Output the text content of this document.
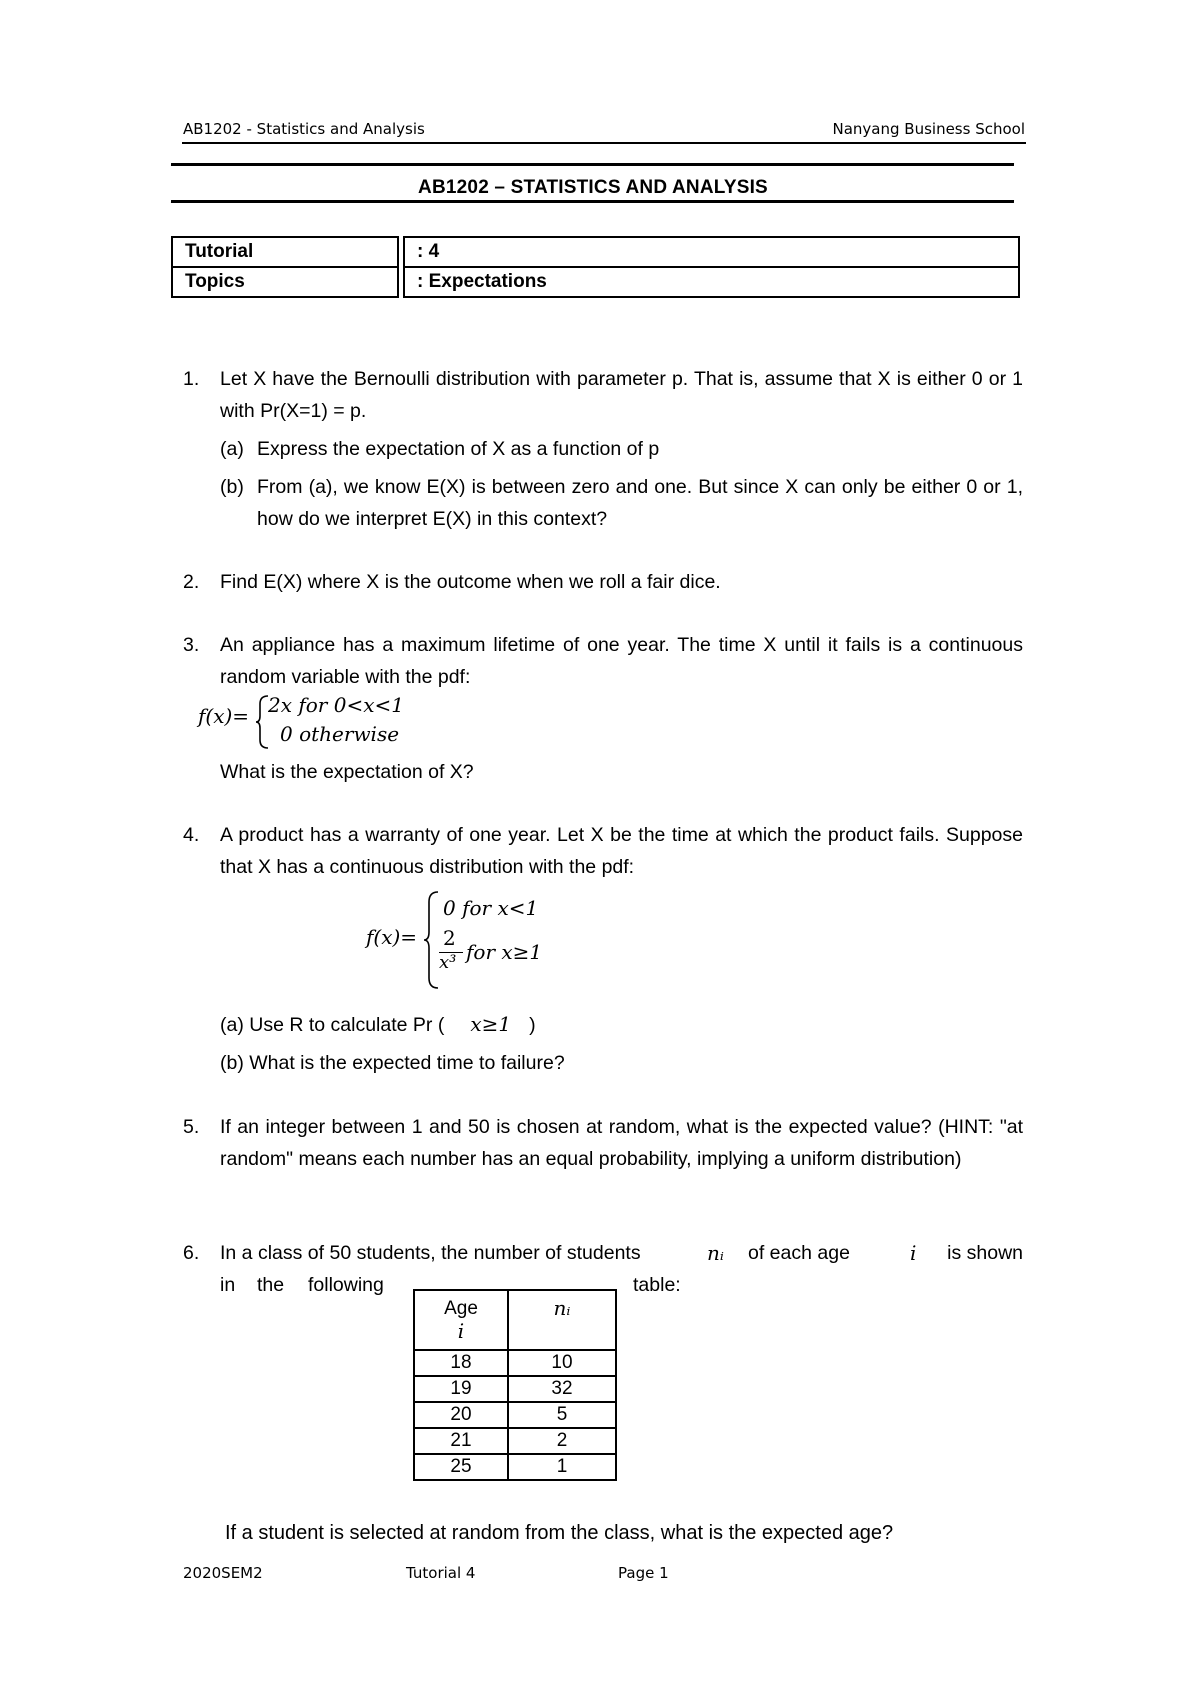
AB1202 - Statistics and Analysis	Nanyang Business School
AB1202 – STATISTICS AND ANALYSIS
Tutorial		: 4
Topics		: Expectations
1. Let X have the Bernoulli distribution with parameter p. That is, assume that X is either 0 or 1 with Pr(X=1) = p.
(a) Express the expectation of X as a function of p
(b) From (a), we know E(X) is between zero and one. But since X can only be either 0 or 1, how do we interpret E(X) in this context?
2. Find E(X) where X is the outcome when we roll a fair dice.
3. An appliance has a maximum lifetime of one year. The time X until it fails is a continuous random variable with the pdf:
f(x)= 2x for 0<x<1
0 otherwise
What is the expectation of X?
4. A product has a warranty of one year. Let X be the time at which the product fails. Suppose that X has a continuous distribution with the pdf:
f(x)=
0 for x<1
2
x³ for x≥1
(a) Use R to calculate Pr ( x≥1 )
(b) What is the expected time to failure?
5. If an integer between 1 and 50 is chosen at random, what is the expected value? (HINT: "at random" means each number has an equal probability, implying a uniform distribution)
6. In a class of 50 students, the number of students	nᵢ of each age	i is shown
in the following	table:
Age
i	nᵢ
18	10
19	32
20	5
21	2
25	1
If a student is selected at random from the class, what is the expected age?
2020SEM2	Tutorial 4	Page 1
